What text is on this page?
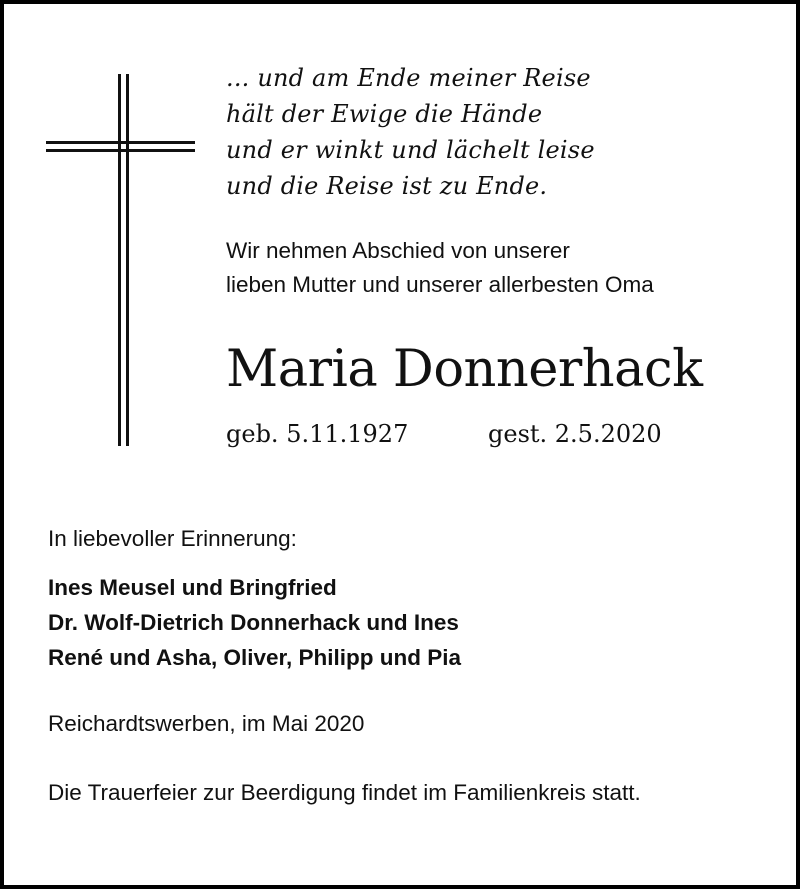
... und am Ende meiner Reise
hält der Ewige die Hände
und er winkt und lächelt leise
und die Reise ist zu Ende.
Wir nehmen Abschied von unserer
lieben Mutter und unserer allerbesten Oma
Maria Donnerhack
geb. 5.11.1927	gest. 2.5.2020
In liebevoller Erinnerung:
Ines Meusel und Bringfried
Dr. Wolf-Dietrich Donnerhack und Ines
René und Asha, Oliver, Philipp und Pia
Reichardtswerben, im Mai 2020
Die Trauerfeier zur Beerdigung findet im Familienkreis statt.
